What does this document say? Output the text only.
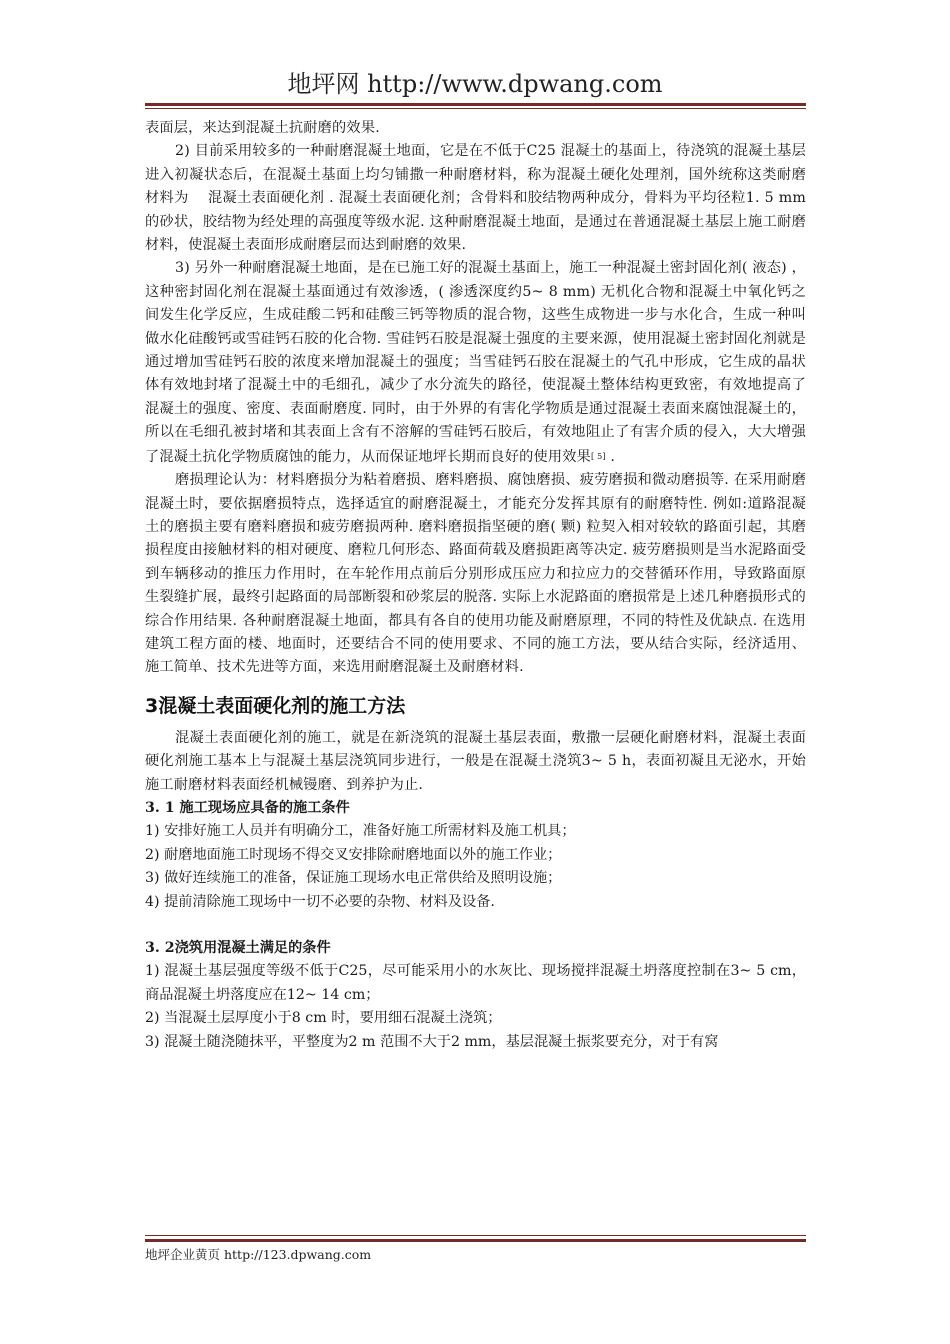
地坪网 http://www.dpwang.com

表面层，来达到混凝土抗耐磨的效果.

2) 目前采用较多的一种耐磨混凝土地面，它是在不低于C25 混凝土的基面上，待浇筑的混凝土基层进入初凝状态后，在混凝土基面上均匀铺撒一种耐磨材料，称为混凝土硬化处理剂，国外统称这类耐磨材料为　 混凝土表面硬化剂 . 混凝土表面硬化剂；含骨料和胶结物两种成分，骨料为平均径粒1. 5 mm 的砂状，胶结物为经处理的高强度等级水泥. 这种耐磨混凝土地面，是通过在普通混凝土基层上施工耐磨材料，使混凝土表面形成耐磨层而达到耐磨的效果.

3) 另外一种耐磨混凝土地面，是在已施工好的混凝土基面上，施工一种混凝土密封固化剂( 液态) ，这种密封固化剂在混凝土基面通过有效渗透，( 渗透深度约5~ 8 mm) 无机化合物和混凝土中氧化钙之间发生化学反应，生成硅酸二钙和硅酸三钙等物质的混合物，这些生成物进一步与水化合，生成一种叫做水化硅酸钙或雪硅钙石胶的化合物. 雪硅钙石胶是混凝土强度的主要来源，使用混凝土密封固化剂就是通过增加雪硅钙石胶的浓度来增加混凝土的强度；当雪硅钙石胶在混凝土的气孔中形成，它生成的晶状体有效地封堵了混凝土中的毛细孔，减少了水分流失的路径，使混凝土整体结构更致密，有效地提高了混凝土的强度、密度、表面耐磨度. 同时，由于外界的有害化学物质是通过混凝土表面来腐蚀混凝土的，所以在毛细孔被封堵和其表面上含有不溶解的雪硅钙石胶后，有效地阻止了有害介质的侵入，大大增强了混凝土抗化学物质腐蚀的能力，从而保证地坪长期而良好的使用效果[ 5] .

磨损理论认为：材料磨损分为粘着磨损、磨料磨损、腐蚀磨损、疲劳磨损和微动磨损等. 在采用耐磨混凝土时，要依据磨损特点，选择适宜的耐磨混凝土，才能充分发挥其原有的耐磨特性. 例如:道路混凝土的磨损主要有磨料磨损和疲劳磨损两种. 磨料磨损指坚硬的磨( 颗) 粒契入相对较软的路面引起，其磨损程度由接触材料的相对硬度、磨粒几何形态、路面荷载及磨损距离等决定. 疲劳磨损则是当水泥路面受到车辆移动的推压力作用时，在车轮作用点前后分别形成压应力和拉应力的交替循环作用，导致路面原生裂缝扩展，最终引起路面的局部断裂和砂浆层的脱落. 实际上水泥路面的磨损常是上述几种磨损形式的综合作用结果. 各种耐磨混凝土地面，都具有各自的使用功能及耐磨原理，不同的特性及优缺点. 在选用建筑工程方面的楼、地面时，还要结合不同的使用要求、不同的施工方法，要从结合实际，经济适用、施工简单、技术先进等方面，来选用耐磨混凝土及耐磨材料.

3混凝土表面硬化剂的施工方法

混凝土表面硬化剂的施工，就是在新浇筑的混凝土基层表面，敷撒一层硬化耐磨材料，混凝土表面硬化剂施工基本上与混凝土基层浇筑同步进行，一般是在混凝土浇筑3~ 5 h，表面初凝且无泌水，开始施工耐磨材料表面经机械镘磨、到养护为止.

3. 1 施工现场应具备的施工条件

1) 安排好施工人员并有明确分工，准备好施工所需材料及施工机具；

2) 耐磨地面施工时现场不得交叉安排除耐磨地面以外的施工作业；

3) 做好连续施工的准备，保证施工现场水电正常供给及照明设施；

4) 提前清除施工现场中一切不必要的杂物、材料及设备.

3. 2浇筑用混凝土满足的条件

1) 混凝土基层强度等级不低于C25，尽可能采用小的水灰比、现场搅拌混凝土坍落度控制在3~ 5 cm，商品混凝土坍落度应在12~ 14 cm；

2) 当混凝土层厚度小于8 cm 时，要用细石混凝土浇筑；

3) 混凝土随浇随抹平，平整度为2 m 范围不大于2 mm，基层混凝土振浆要充分，对于有窝

地坪企业黄页 http://123.dpwang.com
